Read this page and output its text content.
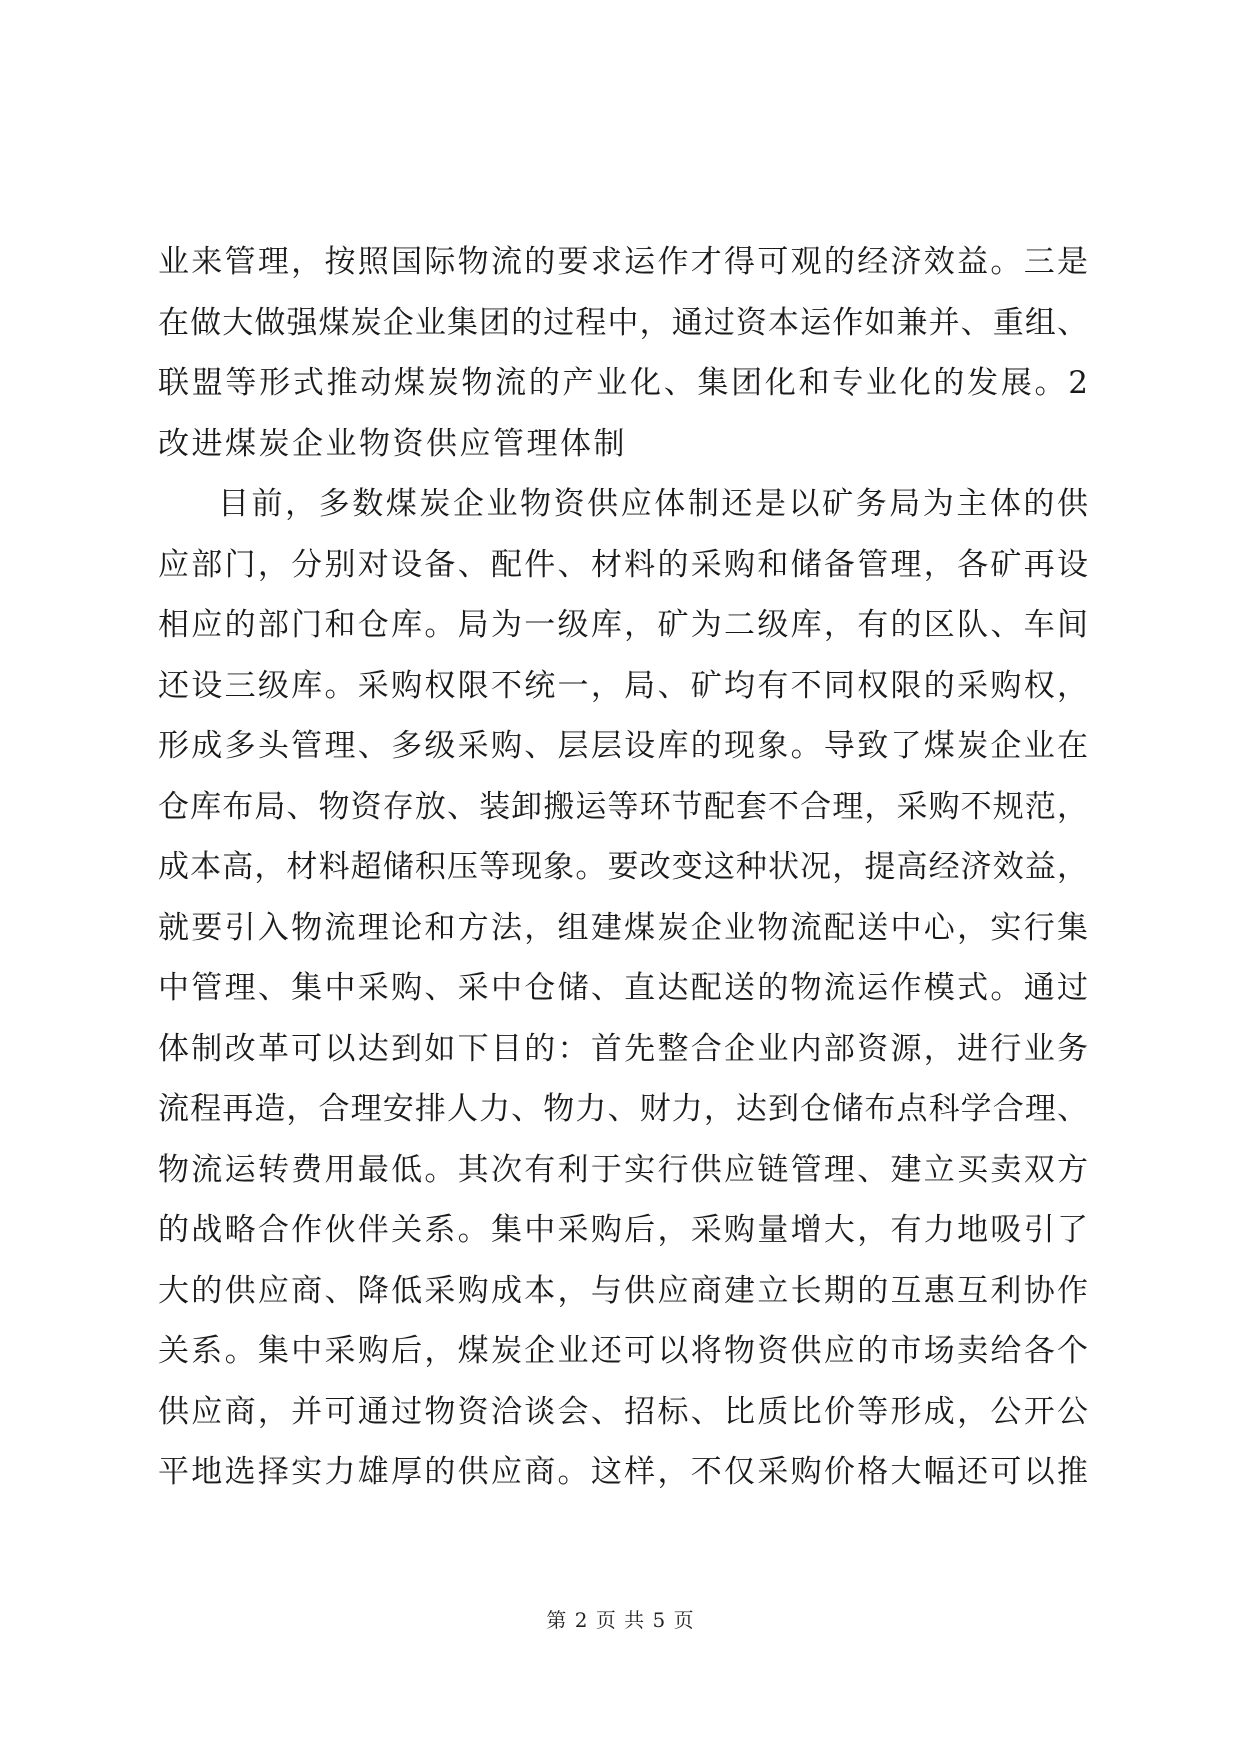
业来管理，按照国际物流的要求运作才得可观的经济效益。三是
在做大做强煤炭企业集团的过程中，通过资本运作如兼并、重组、
联盟等形式推动煤炭物流的产业化、集团化和专业化的发展。2
改进煤炭企业物资供应管理体制
目前，多数煤炭企业物资供应体制还是以矿务局为主体的供
应部门，分别对设备、配件、材料的采购和储备管理，各矿再设
相应的部门和仓库。局为一级库，矿为二级库，有的区队、车间
还设三级库。采购权限不统一，局、矿均有不同权限的采购权，
形成多头管理、多级采购、层层设库的现象。导致了煤炭企业在
仓库布局、物资存放、装卸搬运等环节配套不合理，采购不规范，
成本高，材料超储积压等现象。要改变这种状况，提高经济效益，
就要引入物流理论和方法，组建煤炭企业物流配送中心，实行集
中管理、集中采购、采中仓储、直达配送的物流运作模式。通过
体制改革可以达到如下目的：首先整合企业内部资源，进行业务
流程再造，合理安排人力、物力、财力，达到仓储布点科学合理、
物流运转费用最低。其次有利于实行供应链管理、建立买卖双方
的战略合作伙伴关系。集中采购后，采购量增大，有力地吸引了
大的供应商、降低采购成本，与供应商建立长期的互惠互利协作
关系。集中采购后，煤炭企业还可以将物资供应的市场卖给各个
供应商，并可通过物资洽谈会、招标、比质比价等形成，公开公
平地选择实力雄厚的供应商。这样，不仅采购价格大幅还可以推
第 2 页 共 5 页
